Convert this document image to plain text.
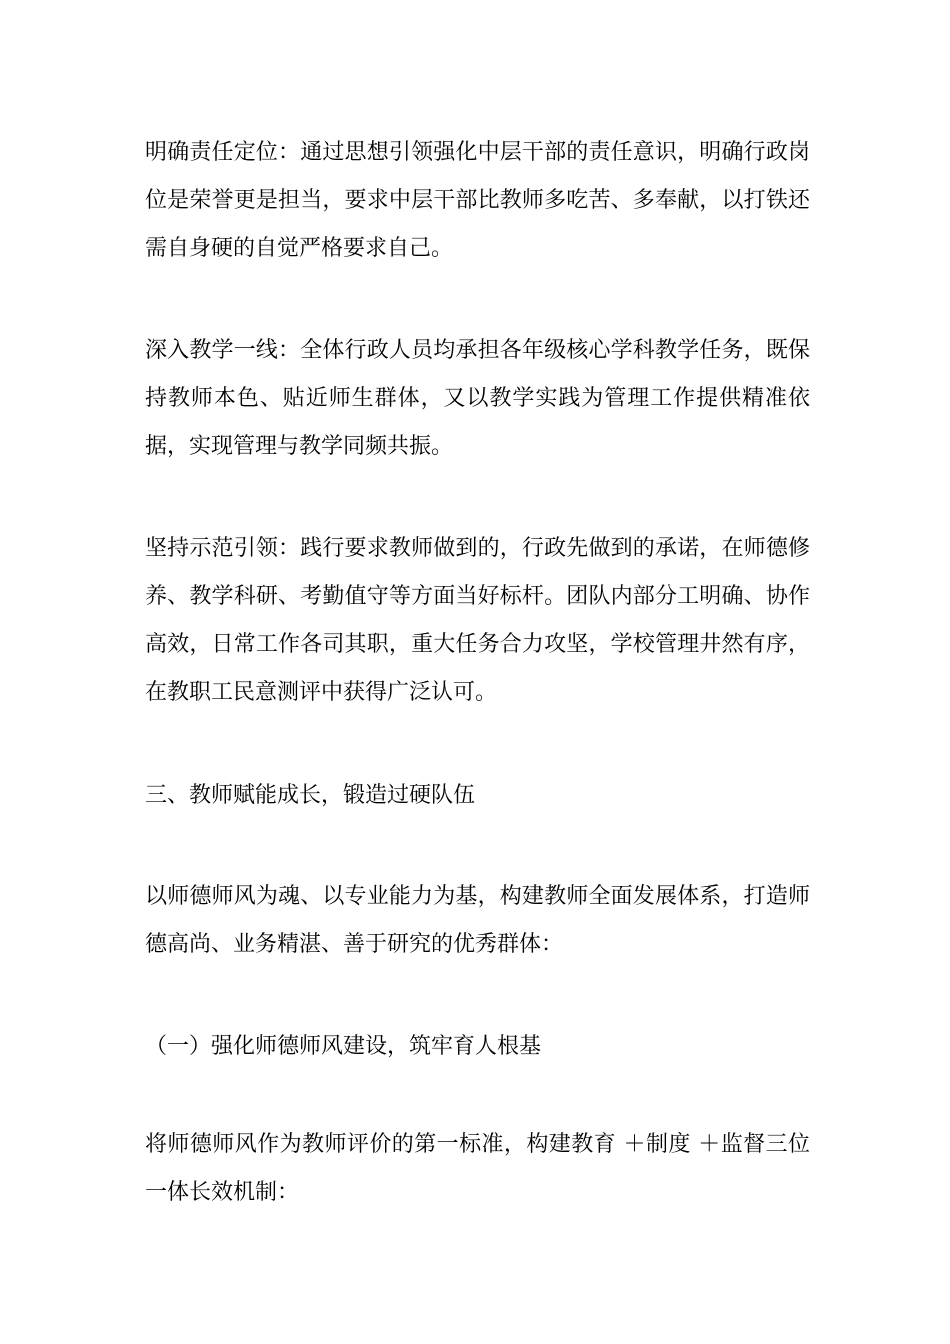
明确责任定位：通过思想引领强化中层干部的责任意识，明确行政岗位是荣誉更是担当，要求中层干部比教师多吃苦、多奉献，以打铁还需自身硬的自觉严格要求自己。

深入教学一线：全体行政人员均承担各年级核心学科教学任务，既保持教师本色、贴近师生群体，又以教学实践为管理工作提供精准依据，实现管理与教学同频共振。

坚持示范引领：践行要求教师做到的，行政先做到的承诺，在师德修养、教学科研、考勤值守等方面当好标杆。团队内部分工明确、协作高效，日常工作各司其职，重大任务合力攻坚，学校管理井然有序，在教职工民意测评中获得广泛认可。

三、教师赋能成长，锻造过硬队伍

以师德师风为魂、以专业能力为基，构建教师全面发展体系，打造师德高尚、业务精湛、善于研究的优秀群体：

（一）强化师德师风建设，筑牢育人根基

将师德师风作为教师评价的第一标准，构建教育 ＋制度 ＋监督三位一体长效机制：
